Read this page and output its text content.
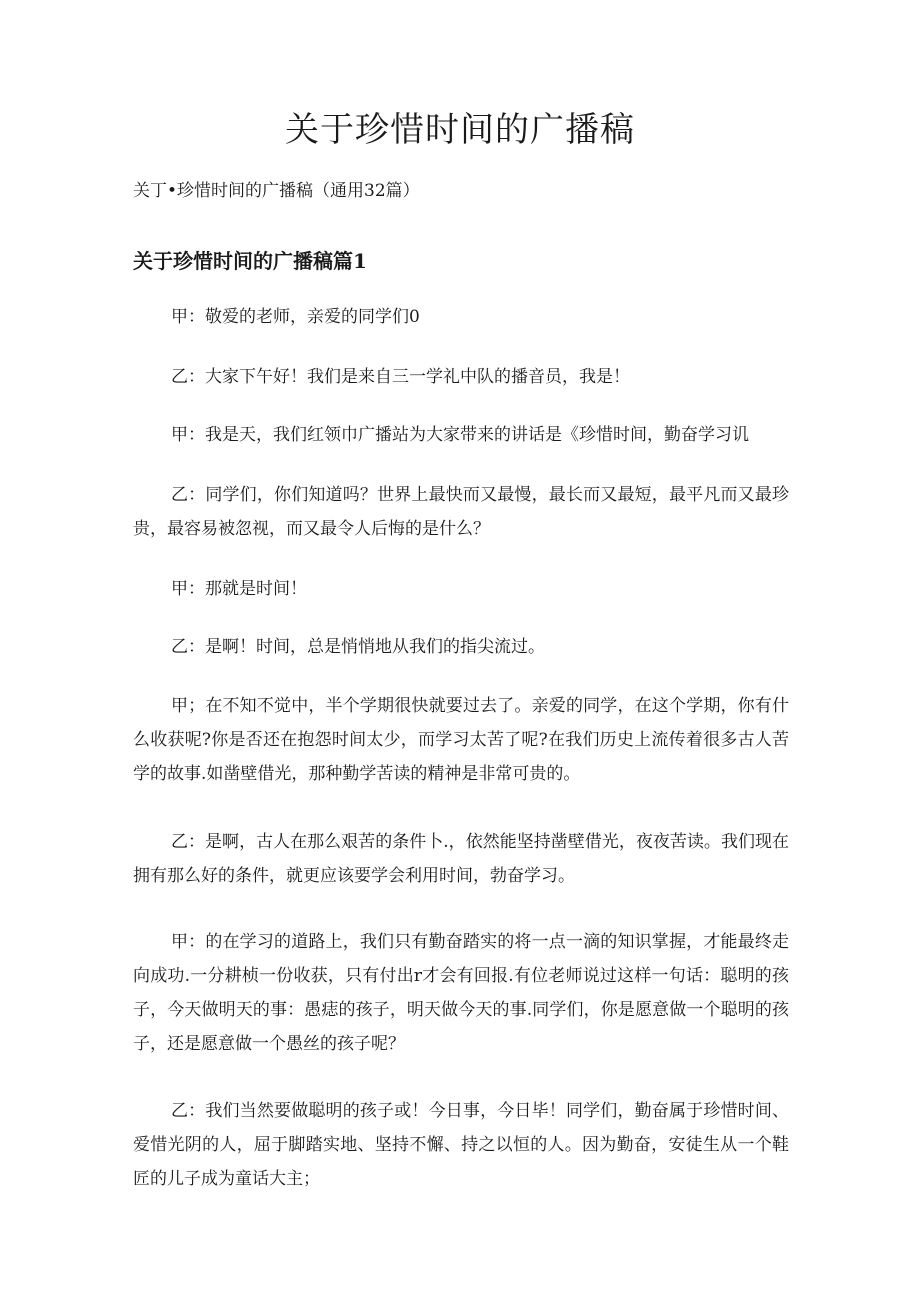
关于珍惜时间的广播稿

关丁•珍惜时间的广播稿（通用32篇）

关于珍惜时间的广播稿篇1

甲：敬爱的老师，亲爱的同学们0

乙：大家下午好！我们是来自三一学礼中队的播音员，我是！

甲：我是天，我们红领巾广播站为大家带来的讲话是《珍惜时间，勤奋学习讥

乙：同学们，你们知道吗？世界上最快而又最慢，最长而又最短，最平凡而又最珍贵，最容易被忽视，而又最令人后悔的是什么？

甲：那就是时间！

乙：是啊！时间，总是悄悄地从我们的指尖流过。

甲；在不知不觉中，半个学期很快就要过去了。亲爱的同学，在这个学期，你有什么收获呢?你是否还在抱怨时间太少，而学习太苦了呢?在我们历史上流传着很多古人苦学的故事.如凿壁借光，那种勤学苦读的精神是非常可贵的。

乙：是啊，古人在那么艰苦的条件卜.，依然能坚持凿壁借光，夜夜苦读。我们现在拥有那么好的条件，就更应该要学会利用时间，勃奋学习。

甲：的在学习的道路上，我们只有勤奋踏实的将一点一滴的知识掌握，才能最终走向成功.一分耕桢一份收获，只有付出r才会有回报.有位老师说过这样一句话：聪明的孩子，今天做明天的事：愚痣的孩子，明天做今天的事.同学们，你是愿意做一个聪明的孩子，还是愿意做一个愚丝的孩子呢？

乙：我们当然要做聪明的孩子或！今日事，今日毕！同学们，勤奋属于珍惜时间、爱惜光阴的人，屈于脚踏实地、坚持不懈、持之以恒的人。因为勤奋，安徒生从一个鞋匠的儿子成为童话大主；
